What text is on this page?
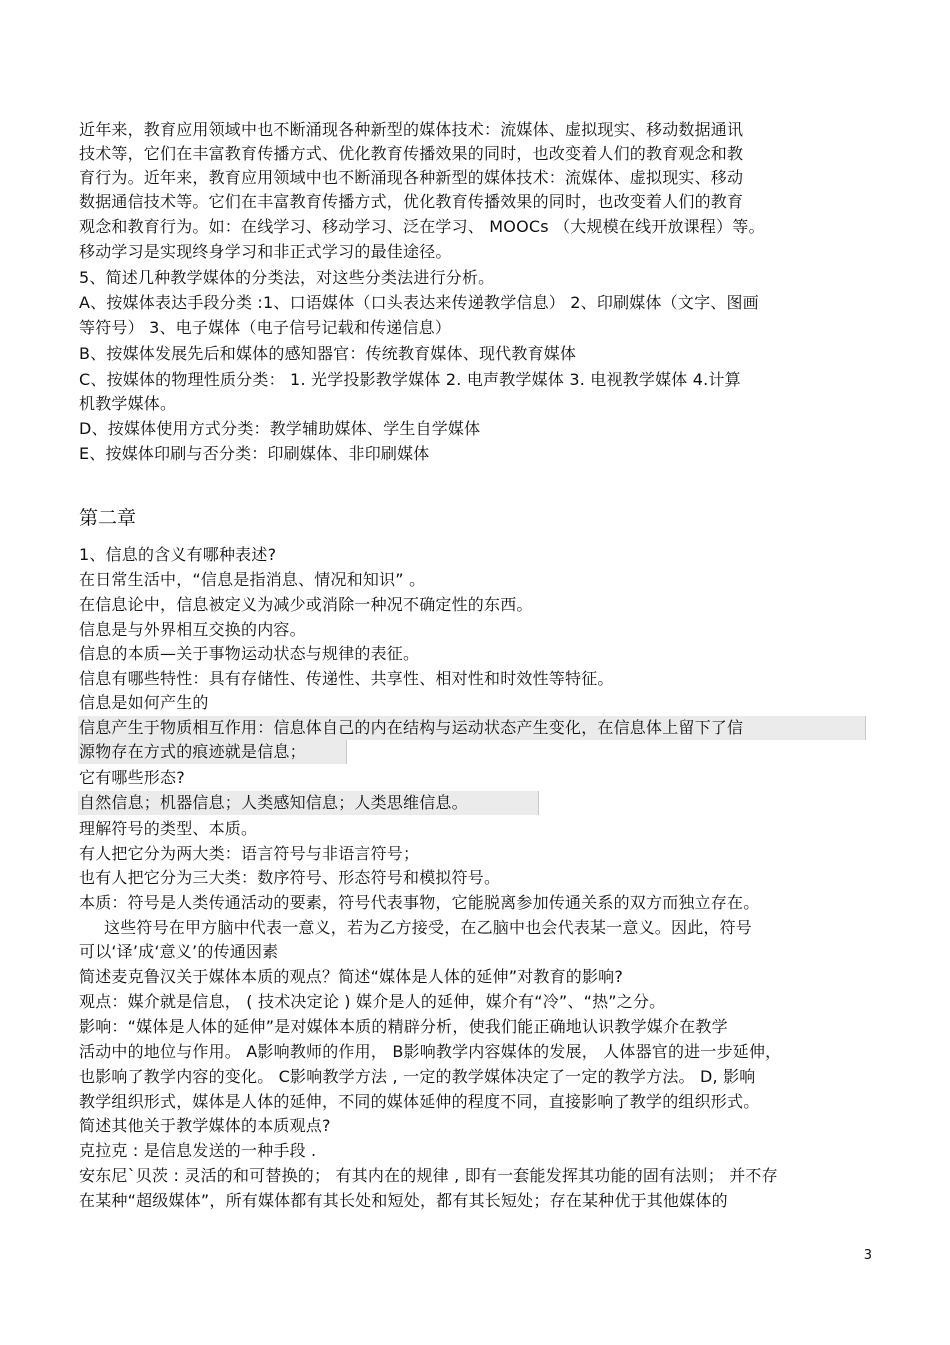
近年来，教育应用领域中也不断涌现各种新型的媒体技术：流媒体、虚拟现实、移动数据通讯
技术等，它们在丰富教育传播方式、优化教育传播效果的同时，也改变着人们的教育观念和教
育行为。近年来，教育应用领域中也不断涌现各种新型的媒体技术：流媒体、虚拟现实、移动
数据通信技术等。它们在丰富教育传播方式，优化教育传播效果的同时，也改变着人们的教育
观念和教育行为。如：在线学习、移动学习、泛在学习、 MOOCs （大规模在线开放课程）等。
移动学习是实现终身学习和非正式学习的最佳途径。
5、简述几种教学媒体的分类法，对这些分类法进行分析。
A、按媒体表达手段分类 :1、口语媒体（口头表达来传递教学信息） 2、印刷媒体（文字、图画
等符号） 3、电子媒体（电子信号记载和传递信息）
B、按媒体发展先后和媒体的感知器官：传统教育媒体、现代教育媒体
C、按媒体的物理性质分类： 1. 光学投影教学媒体 2. 电声教学媒体 3. 电视教学媒体 4.计算
机教学媒体。
D、按媒体使用方式分类：教学辅助媒体、学生自学媒体
E、按媒体印刷与否分类：印刷媒体、非印刷媒体
第二章
1、信息的含义有哪种表述?
在日常生活中，“信息是指消息、情况和知识” 。
在信息论中，信息被定义为减少或消除一种况不确定性的东西。
信息是与外界相互交换的内容。
信息的本质—关于事物运动状态与规律的表征。
信息有哪些特性：具有存储性、传递性、共享性、相对性和时效性等特征。
信息是如何产生的
信息产生于物质相互作用：信息体自己的内在结构与运动状态产生变化，在信息体上留下了信
源物存在方式的痕迹就是信息；
它有哪些形态?
自然信息；机器信息；人类感知信息；人类思维信息。
理解符号的类型、本质。
有人把它分为两大类：语言符号与非语言符号；
也有人把它分为三大类：数序符号、形态符号和模拟符号。
本质：符号是人类传通活动的要素，符号代表事物，它能脱离参加传通关系的双方而独立存在。
这些符号在甲方脑中代表一意义，若为乙方接受，在乙脑中也会代表某一意义。因此，符号
可以‘译’成‘意义’的传通因素
简述麦克鲁汉关于媒体本质的观点？简述“媒体是人体的延伸”对教育的影响?
观点：媒介就是信息， ( 技术决定论 ) 媒介是人的延伸，媒介有“冷”、“热”之分。
影响：“媒体是人体的延伸”是对媒体本质的精辟分析，使我们能正确地认识教学媒介在教学
活动中的地位与作用。 A影响教师的作用， B影响教学内容媒体的发展， 人体器官的进一步延伸，
也影响了教学内容的变化。 C影响教学方法 , 一定的教学媒体决定了一定的教学方法。 D, 影响
教学组织形式，媒体是人体的延伸，不同的媒体延伸的程度不同，直接影响了教学的组织形式。
简述其他关于教学媒体的本质观点?
克拉克 : 是信息发送的一种手段 .
安东尼`贝茨 : 灵活的和可替换的； 有其内在的规律 , 即有一套能发挥其功能的固有法则； 并不存
在某种“超级媒体”，所有媒体都有其长处和短处，都有其长短处；存在某种优于其他媒体的
3
